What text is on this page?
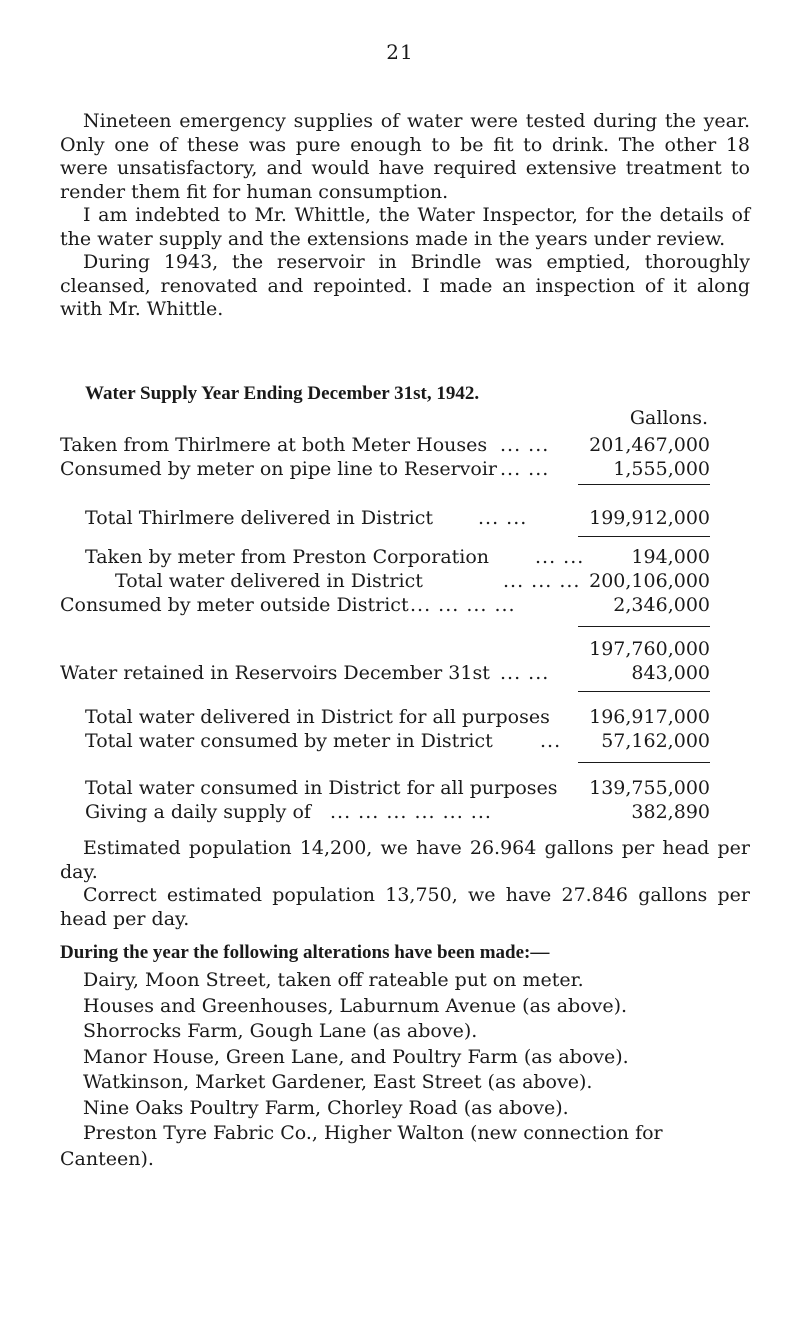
21

Nineteen emergency supplies of water were tested during the year. Only one of these was pure enough to be fit to drink. The other 18 were unsatisfactory, and would have required extensive treatment to render them fit for human consumption.

I am indebted to Mr. Whittle, the Water Inspector, for the details of the water supply and the extensions made in the years under review.

During 1943, the reservoir in Brindle was emptied, thoroughly cleansed, renovated and repointed. I made an inspection of it along with Mr. Whittle.

Water Supply Year Ending December 31st, 1942.
Gallons.
Taken from Thirlmere at both Meter Houses ... ... 201,467,000
Consumed by meter on pipe line to Reservoir ... ...	1,555,000
Total Thirlmere delivered in District ... ...	199,912,000
Taken by meter from Preston Corporation ... ... 194,000
Total water delivered in District	... ... ... 200,106,000
Consumed by meter outside District ... ... ... ...	2,346,000
197,760,000
Water retained in Reservoirs December 31st ... ...	843,000
Total water delivered in District for all purposes 196,917,000
Total water consumed by meter in District ... 57,162,000
Total water consumed in District for all purposes 139,755,000
Giving a daily supply of ... ... ... ... ... ...	382,890

Estimated population 14,200, we have 26.964 gallons per head per day.

Correct estimated population 13,750, we have 27.846 gallons per head per day.

During the year the following alterations have been made:—
Dairy, Moon Street, taken off rateable put on meter.
Houses and Greenhouses, Laburnum Avenue (as above).
Shorrocks Farm, Gough Lane (as above).
Manor House, Green Lane, and Poultry Farm (as above).
Watkinson, Market Gardener, East Street (as above).
Nine Oaks Poultry Farm, Chorley Road (as above).
Preston Tyre Fabric Co., Higher Walton (new connection for Canteen).
